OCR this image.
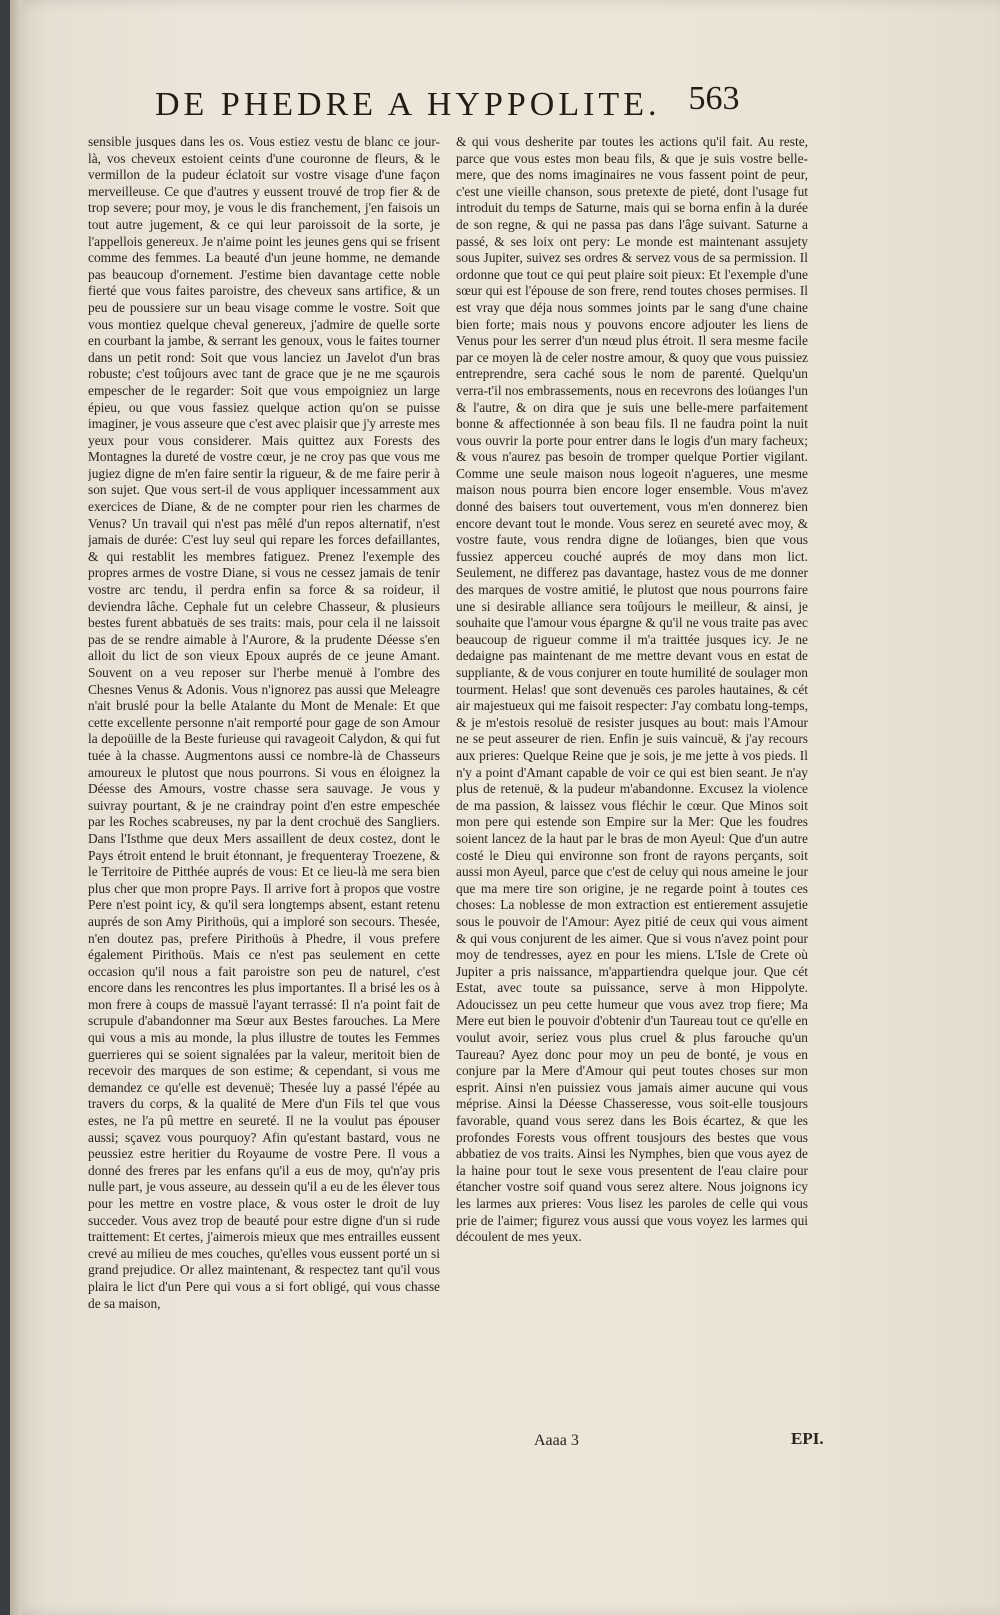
DE PHEDRE A HYPPOLITE. 563

sensible jusques dans les os. Vous estiez vestu de blanc ce jour-là, vos cheveux estoient ceints d'une couronne de fleurs, & le vermillon de la pudeur éclatoit sur vostre visage d'une façon merveilleuse. Ce que d'autres y eussent trouvé de trop fier & de trop severe; pour moy, je vous le dis franchement, j'en faisois un tout autre jugement, & ce qui leur paroissoit de la sorte, je l'appellois genereux. Je n'aime point les jeunes gens qui se frisent comme des femmes. La beauté d'un jeune homme, ne demande pas beaucoup d'ornement. J'estime bien davantage cette noble fierté que vous faites paroistre, des cheveux sans artifice, & un peu de poussiere sur un beau visage comme le vostre. Soit que vous montiez quelque cheval genereux, j'admire de quelle sorte en courbant la jambe, & serrant les genoux, vous le faites tourner dans un petit rond: Soit que vous lanciez un Javelot d'un bras robuste; c'est toûjours avec tant de grace que je ne me sçaurois empescher de le regarder: Soit que vous empoigniez un large épieu, ou que vous fassiez quelque action qu'on se puisse imaginer, je vous asseure que c'est avec plaisir que j'y arreste mes yeux pour vous considerer. Mais quittez aux Forests des Montagnes la dureté de vostre cœur, je ne croy pas que vous me jugiez digne de m'en faire sentir la rigueur, & de me faire perir à son sujet. Que vous sert-il de vous appliquer incessamment aux exercices de Diane, & de ne compter pour rien les charmes de Venus? Un travail qui n'est pas mêlé d'un repos alternatif, n'est jamais de durée: C'est luy seul qui repare les forces defaillantes, & qui restablit les membres fatiguez. Prenez l'exemple des propres armes de vostre Diane, si vous ne cessez jamais de tenir vostre arc tendu, il perdra enfin sa force & sa roideur, il deviendra lâche. Cephale fut un celebre Chasseur, & plusieurs bestes furent abbatuës de ses traits: mais, pour cela il ne laissoit pas de se rendre aimable à l'Aurore, & la prudente Déesse s'en alloit du lict de son vieux Epoux auprés de ce jeune Amant. Souvent on a veu reposer sur l'herbe menuë à l'ombre des Chesnes Venus & Adonis. Vous n'ignorez pas aussi que Meleagre n'ait bruslé pour la belle Atalante du Mont de Menale: Et que cette excellente personne n'ait remporté pour gage de son Amour la depoüille de la Beste furieuse qui ravageoit Calydon, & qui fut tuée à la chasse. Augmentons aussi ce nombre-là de Chasseurs amoureux le plutost que nous pourrons. Si vous en éloignez la Déesse des Amours, vostre chasse sera sauvage. Je vous y suivray pourtant, & je ne craindray point d'en estre empeschée par les Roches scabreuses, ny par la dent crochuë des Sangliers. Dans l'Isthme que deux Mers assaillent de deux costez, dont le Pays étroit entend le bruit étonnant, je frequenteray Troezene, & le Territoire de Pitthée auprés de vous: Et ce lieu-là me sera bien plus cher que mon propre Pays. Il arrive fort à propos que vostre Pere n'est point icy, & qu'il sera longtemps absent, estant retenu auprés de son Amy Pirithoüs, qui a imploré son secours. Thesée, n'en doutez pas, prefere Pirithoüs à Phedre, il vous prefere également Pirithoüs. Mais ce n'est pas seulement en cette occasion qu'il nous a fait paroistre son peu de naturel, c'est encore dans les rencontres les plus importantes. Il a brisé les os à mon frere à coups de massuë l'ayant terrassé: Il n'a point fait de scrupule d'abandonner ma Sœur aux Bestes farouches. La Mere qui vous a mis au monde, la plus illustre de toutes les Femmes guerrieres qui se soient signalées par la valeur, meritoit bien de recevoir des marques de son estime; & cependant, si vous me demandez ce qu'elle est devenuë; Thesée luy a passé l'épée au travers du corps, & la qualité de Mere d'un Fils tel que vous estes, ne l'a pû mettre en seureté. Il ne la voulut pas épouser aussi; sçavez vous pourquoy? Afin qu'estant bastard, vous ne peussiez estre heritier du Royaume de vostre Pere. Il vous a donné des freres par les enfans qu'il a eus de moy, qu'n'ay pris nulle part, je vous asseure, au dessein qu'il a eu de les élever tous pour les mettre en vostre place, & vous oster le droit de luy succeder. Vous avez trop de beauté pour estre digne d'un si rude traittement: Et certes, j'aimerois mieux que mes entrailles eussent crevé au milieu de mes couches, qu'elles vous eussent porté un si grand prejudice. Or allez maintenant, & respectez tant qu'il vous plaira le lict d'un Pere qui vous a si fort obligé, qui vous chasse de sa maison,

& qui vous desherite par toutes les actions qu'il fait. Au reste, parce que vous estes mon beau fils, & que je suis vostre belle-mere, que des noms imaginaires ne vous fassent point de peur, c'est une vieille chanson, sous pretexte de pieté, dont l'usage fut introduit du temps de Saturne, mais qui se borna enfin à la durée de son regne, & qui ne passa pas dans l'âge suivant. Saturne a passé, & ses loix ont pery: Le monde est maintenant assujety sous Jupiter, suivez ses ordres & servez vous de sa permission. Il ordonne que tout ce qui peut plaire soit pieux: Et l'exemple d'une sœur qui est l'épouse de son frere, rend toutes choses permises. Il est vray que déja nous sommes joints par le sang d'une chaine bien forte; mais nous y pouvons encore adjouter les liens de Venus pour les serrer d'un nœud plus étroit. Il sera mesme facile par ce moyen là de celer nostre amour, & quoy que vous puissiez entreprendre, sera caché sous le nom de parenté. Quelqu'un verra-t'il nos embrassements, nous en recevrons des loüanges l'un & l'autre, & on dira que je suis une belle-mere parfaitement bonne & affectionnée à son beau fils. Il ne faudra point la nuit vous ouvrir la porte pour entrer dans le logis d'un mary facheux; & vous n'aurez pas besoin de tromper quelque Portier vigilant. Comme une seule maison nous logeoit n'agueres, une mesme maison nous pourra bien encore loger ensemble. Vous m'avez donné des baisers tout ouvertement, vous m'en donnerez bien encore devant tout le monde. Vous serez en seureté avec moy, & vostre faute, vous rendra digne de loüanges, bien que vous fussiez apperceu couché auprés de moy dans mon lict. Seulement, ne differez pas davantage, hastez vous de me donner des marques de vostre amitié, le plutost que nous pourrons faire une si desirable alliance sera toûjours le meilleur, & ainsi, je souhaite que l'amour vous épargne & qu'il ne vous traite pas avec beaucoup de rigueur comme il m'a traittée jusques icy. Je ne dedaigne pas maintenant de me mettre devant vous en estat de suppliante, & de vous conjurer en toute humilité de soulager mon tourment. Helas! que sont devenuës ces paroles hautaines, & cét air majestueux qui me faisoit respecter: J'ay combatu long-temps, & je m'estois resoluë de resister jusques au bout: mais l'Amour ne se peut asseurer de rien. Enfin je suis vaincuë, & j'ay recours aux prieres: Quelque Reine que je sois, je me jette à vos pieds. Il n'y a point d'Amant capable de voir ce qui est bien seant. Je n'ay plus de retenuë, & la pudeur m'abandonne. Excusez la violence de ma passion, & laissez vous fléchir le cœur. Que Minos soit mon pere qui estende son Empire sur la Mer: Que les foudres soient lancez de la haut par le bras de mon Ayeul: Que d'un autre costé le Dieu qui environne son front de rayons perçants, soit aussi mon Ayeul, parce que c'est de celuy qui nous ameine le jour que ma mere tire son origine, je ne regarde point à toutes ces choses: La noblesse de mon extraction est entierement assujetie sous le pouvoir de l'Amour: Ayez pitié de ceux qui vous aiment & qui vous conjurent de les aimer. Que si vous n'avez point pour moy de tendresses, ayez en pour les miens. L'Isle de Crete où Jupiter a pris naissance, m'appartiendra quelque jour. Que cét Estat, avec toute sa puissance, serve à mon Hippolyte. Adoucissez un peu cette humeur que vous avez trop fiere; Ma Mere eut bien le pouvoir d'obtenir d'un Taureau tout ce qu'elle en voulut avoir, seriez vous plus cruel & plus farouche qu'un Taureau? Ayez donc pour moy un peu de bonté, je vous en conjure par la Mere d'Amour qui peut toutes choses sur mon esprit. Ainsi n'en puissiez vous jamais aimer aucune qui vous méprise. Ainsi la Déesse Chasseresse, vous soit-elle tousjours favorable, quand vous serez dans les Bois écartez, & que les profondes Forests vous offrent tousjours des bestes que vous abbatiez de vos traits. Ainsi les Nymphes, bien que vous ayez de la haine pour tout le sexe vous presentent de l'eau claire pour étancher vostre soif quand vous serez altere. Nous joignons icy les larmes aux prieres: Vous lisez les paroles de celle qui vous prie de l'aimer; figurez vous aussi que vous voyez les larmes qui découlent de mes yeux.

Aaaa 3	EPI.
